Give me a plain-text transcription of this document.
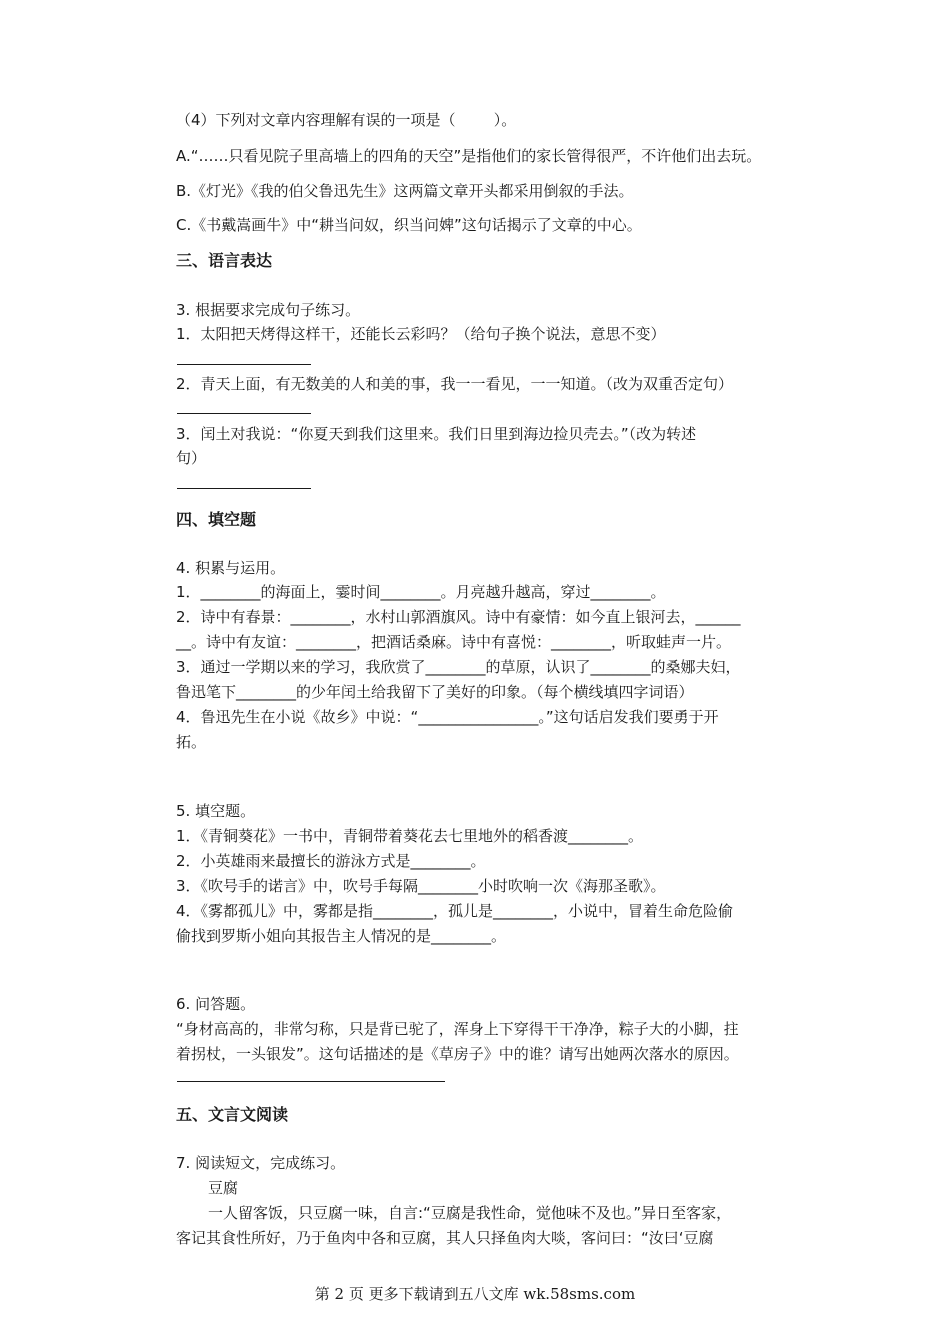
（4）下列对文章内容理解有误的一项是（        ）。
A.“……只看见院子里高墙上的四角的天空”是指他们的家长管得很严，不许他们出去玩。
B.《灯光》《我的伯父鲁迅先生》这两篇文章开头都采用倒叙的手法。
C.《书戴嵩画牛》中“耕当问奴，织当问婢”这句话揭示了文章的中心。
三、语言表达
3. 根据要求完成句子练习。
1．太阳把天烤得这样干，还能长云彩吗？（给句子换个说法，意思不变）
2．青天上面，有无数美的人和美的事，我一一看见，一一知道。（改为双重否定句）
3．闰土对我说：“你夏天到我们这里来。我们日里到海边捡贝壳去。”（改为转述
句）
四、填空题
4. 积累与运用。
1．________的海面上，霎时间________。月亮越升越高，穿过________。
2．诗中有春景：________，水村山郭酒旗风。诗中有豪情：如今直上银河去，______
__。诗中有友谊：________，把酒话桑麻。诗中有喜悦：________，听取蛙声一片。
3．通过一学期以来的学习，我欣赏了________的草原，认识了________的桑娜夫妇，
鲁迅笔下________的少年闰土给我留下了美好的印象。（每个横线填四字词语）
4．鲁迅先生在小说《故乡》中说：“________________。”这句话启发我们要勇于开
拓。
5. 填空题。
1．《青铜葵花》一书中，青铜带着葵花去七里地外的稻香渡________。
2．小英雄雨来最擅长的游泳方式是________。
3．《吹号手的诺言》中，吹号手每隔________小时吹响一次《海那圣歌》。
4．《雾都孤儿》中，雾都是指________，孤儿是________，小说中，冒着生命危险偷
偷找到罗斯小姐向其报告主人情况的是________。
6. 问答题。
“身材高高的，非常匀称，只是背已驼了，浑身上下穿得干干净净，粽子大的小脚，拄
着拐杖，一头银发”。这句话描述的是《草房子》中的谁？请写出她两次落水的原因。
五、文言文阅读
7. 阅读短文，完成练习。
豆腐
一人留客饭，只豆腐一味，自言:“豆腐是我性命，觉他味不及也。”异日至客家，
客记其食性所好，乃于鱼肉中各和豆腐，其人只择鱼肉大啖，客问曰：“汝曰‘豆腐
第 2 页 更多下载请到五八文库 wk.58sms.com
